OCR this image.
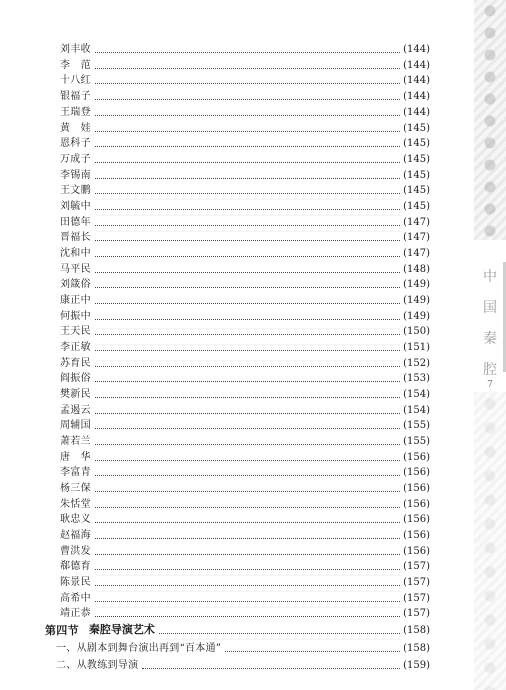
中
国
秦
腔
7
刘丰收	(144)
李　范	(144)
十八红	(144)
银福子	(144)
王瑞登	(144)
黄　娃	(145)
恩科子	(145)
万成子	(145)
李锡南	(145)
王文鹏	(145)
刘毓中	(145)
田德年	(147)
晋福长	(147)
沈和中	(147)
马平民	(148)
刘箴俗	(149)
康正中	(149)
何振中	(149)
王天民	(150)
李正敏	(151)
苏育民	(152)
阎振俗	(153)
樊新民	(154)
孟遏云	(154)
周辅国	(155)
萧若兰	(155)
唐　华	(156)
李富青	(156)
杨三保	(156)
朱恬堂	(156)
耿忠义	(156)
赵福海	(156)
曹洪发	(156)
郗德育	(157)
陈景民	(157)
高希中	(157)
靖正恭	(157)
第四节 秦腔导演艺术	(158)
一、从剧本到舞台演出再到“百本通”	(158)
二、从教练到导演	(159)
